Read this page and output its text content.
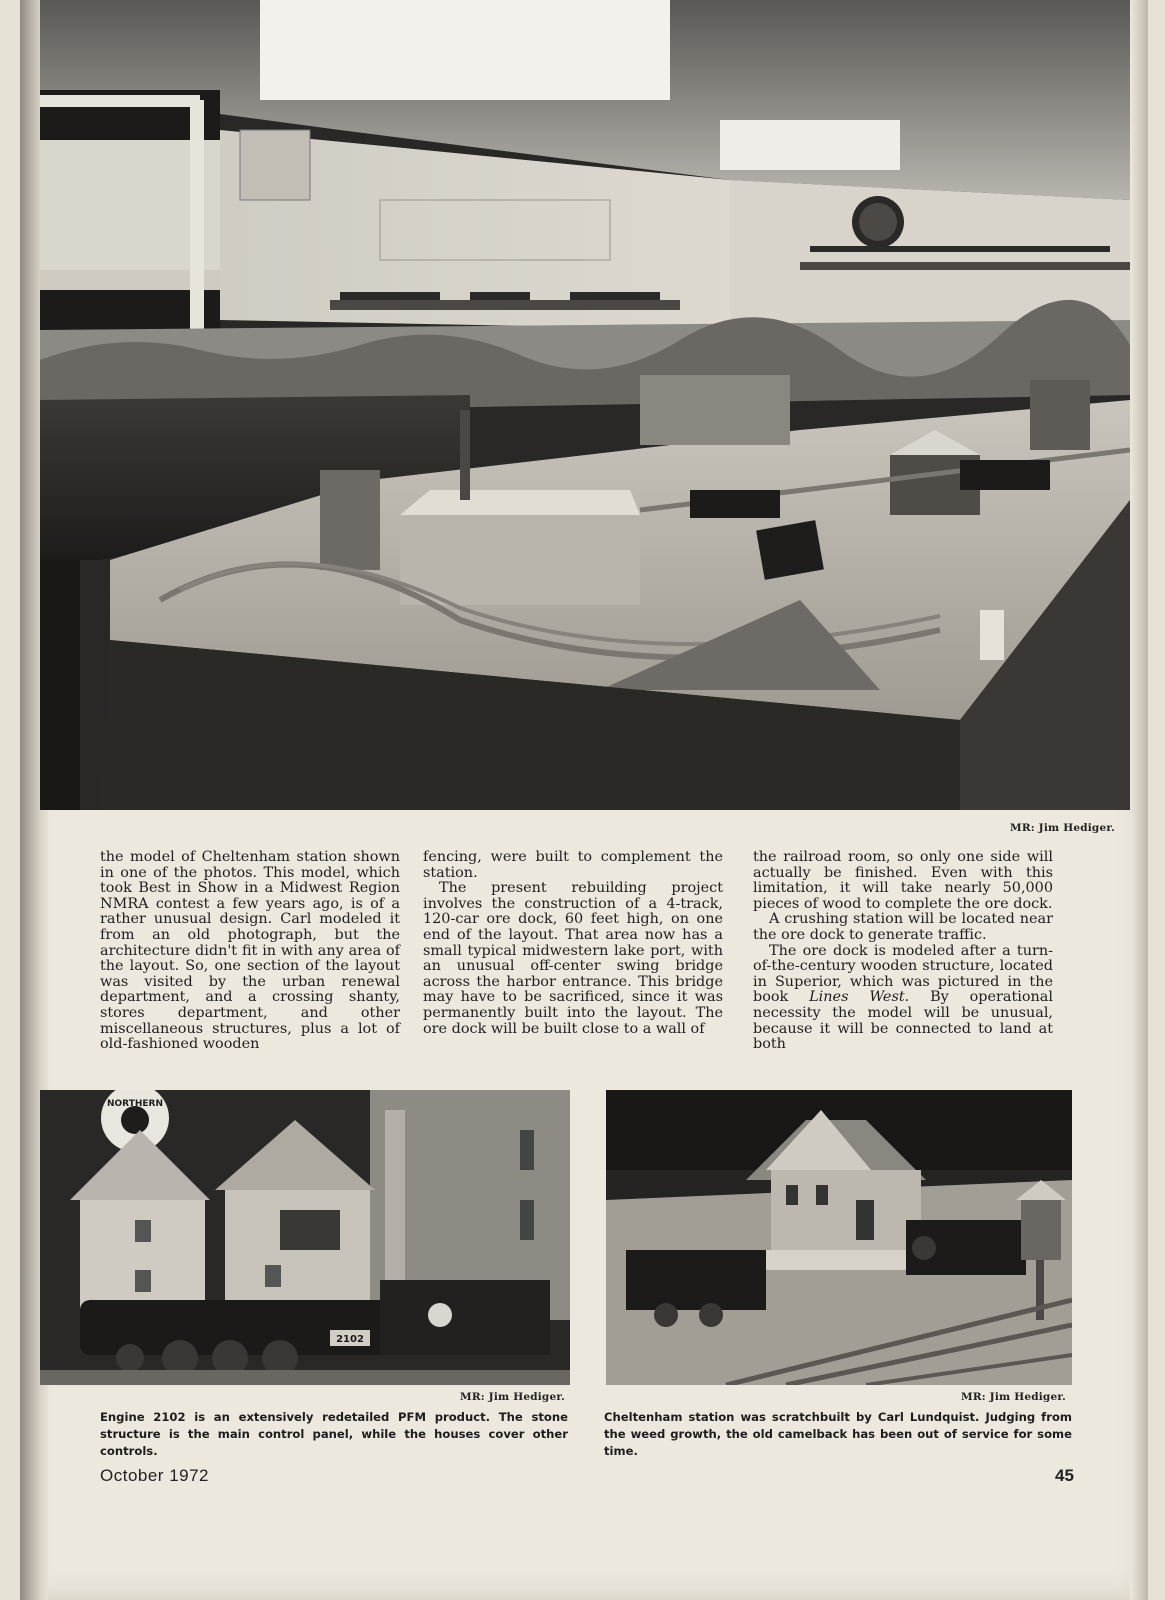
MR: Jim Hediger.

the model of Cheltenham station shown in one of the photos. This model, which took Best in Show in a Midwest Region NMRA contest a few years ago, is of a rather unusual design. Carl modeled it from an old photograph, but the architecture didn't fit in with any area of the layout. So, one section of the layout was visited by the urban renewal department, and a crossing shanty, stores department, and other miscellaneous structures, plus a lot of old-fashioned wooden

fencing, were built to complement the station.

The present rebuilding project involves the construction of a 4-track, 120-car ore dock, 60 feet high, on one end of the layout. That area now has a small typical midwestern lake port, with an unusual off-center swing bridge across the harbor entrance. This bridge may have to be sacrificed, since it was permanently built into the layout. The ore dock will be built close to a wall of

the railroad room, so only one side will actually be finished. Even with this limitation, it will take nearly 50,000 pieces of wood to complete the ore dock.

A crushing station will be located near the ore dock to generate traffic.

The ore dock is modeled after a turn-of-the-century wooden structure, located in Superior, which was pictured in the book Lines West. By operational necessity the model will be unusual, because it will be connected to land at both

NORTHERN
2102
MR: Jim Hediger.	MR: Jim Hediger.
Engine 2102 is an extensively redetailed PFM product. The stone structure is the main control panel, while the houses cover other controls.
Cheltenham station was scratchbuilt by Carl Lundquist. Judging from the weed growth, the old camelback has been out of service for some time.
October 1972	45
